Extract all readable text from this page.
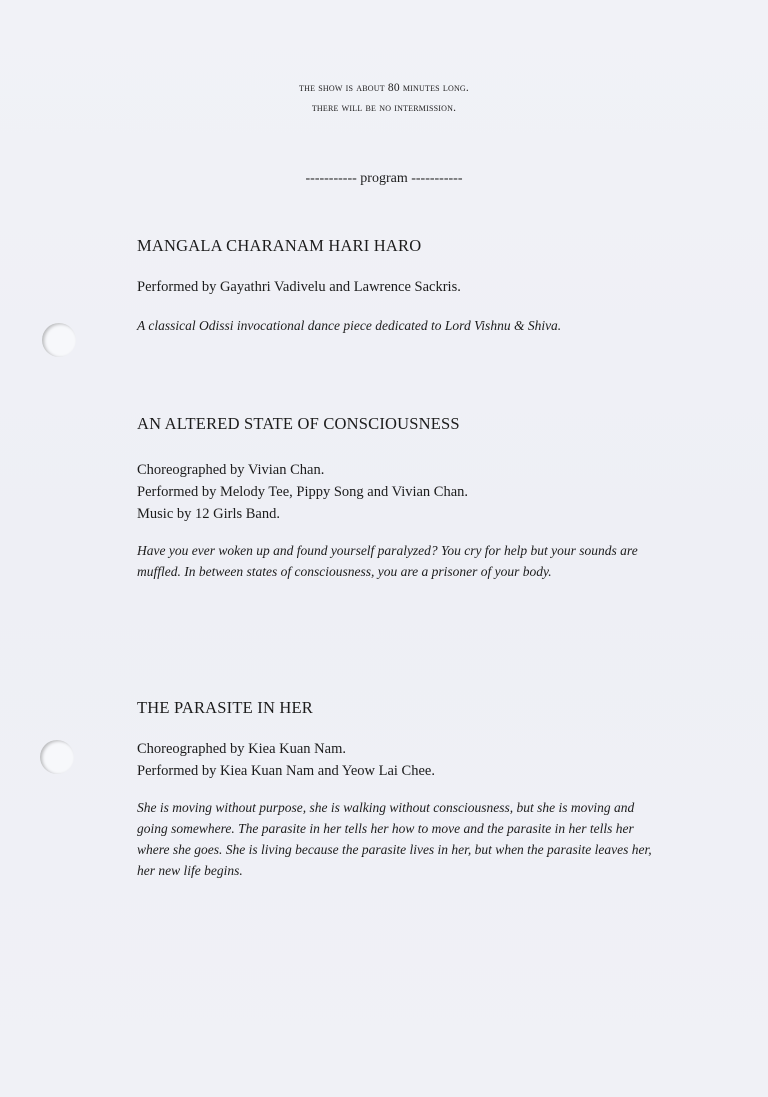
the show is about 80 minutes long.
there will be no intermission.
----------- program -----------
MANGALA CHARANAM HARI HARO

Performed by Gayathri Vadivelu and Lawrence Sackris.

A classical Odissi invocational dance piece dedicated to Lord Vishnu & Shiva.

AN ALTERED STATE OF CONSCIOUSNESS

Choreographed by Vivian Chan.

Performed by Melody Tee, Pippy Song and Vivian Chan.

Music by 12 Girls Band.

Have you ever woken up and found yourself paralyzed? You cry for help but your sounds are muffled. In between states of consciousness, you are a prisoner of your body.

THE PARASITE IN HER

Choreographed by Kiea Kuan Nam.

Performed by Kiea Kuan Nam and Yeow Lai Chee.

She is moving without purpose, she is walking without consciousness, but she is moving and going somewhere. The parasite in her tells her how to move and the parasite in her tells her where she goes. She is living because the parasite lives in her, but when the parasite leaves her, her new life begins.
